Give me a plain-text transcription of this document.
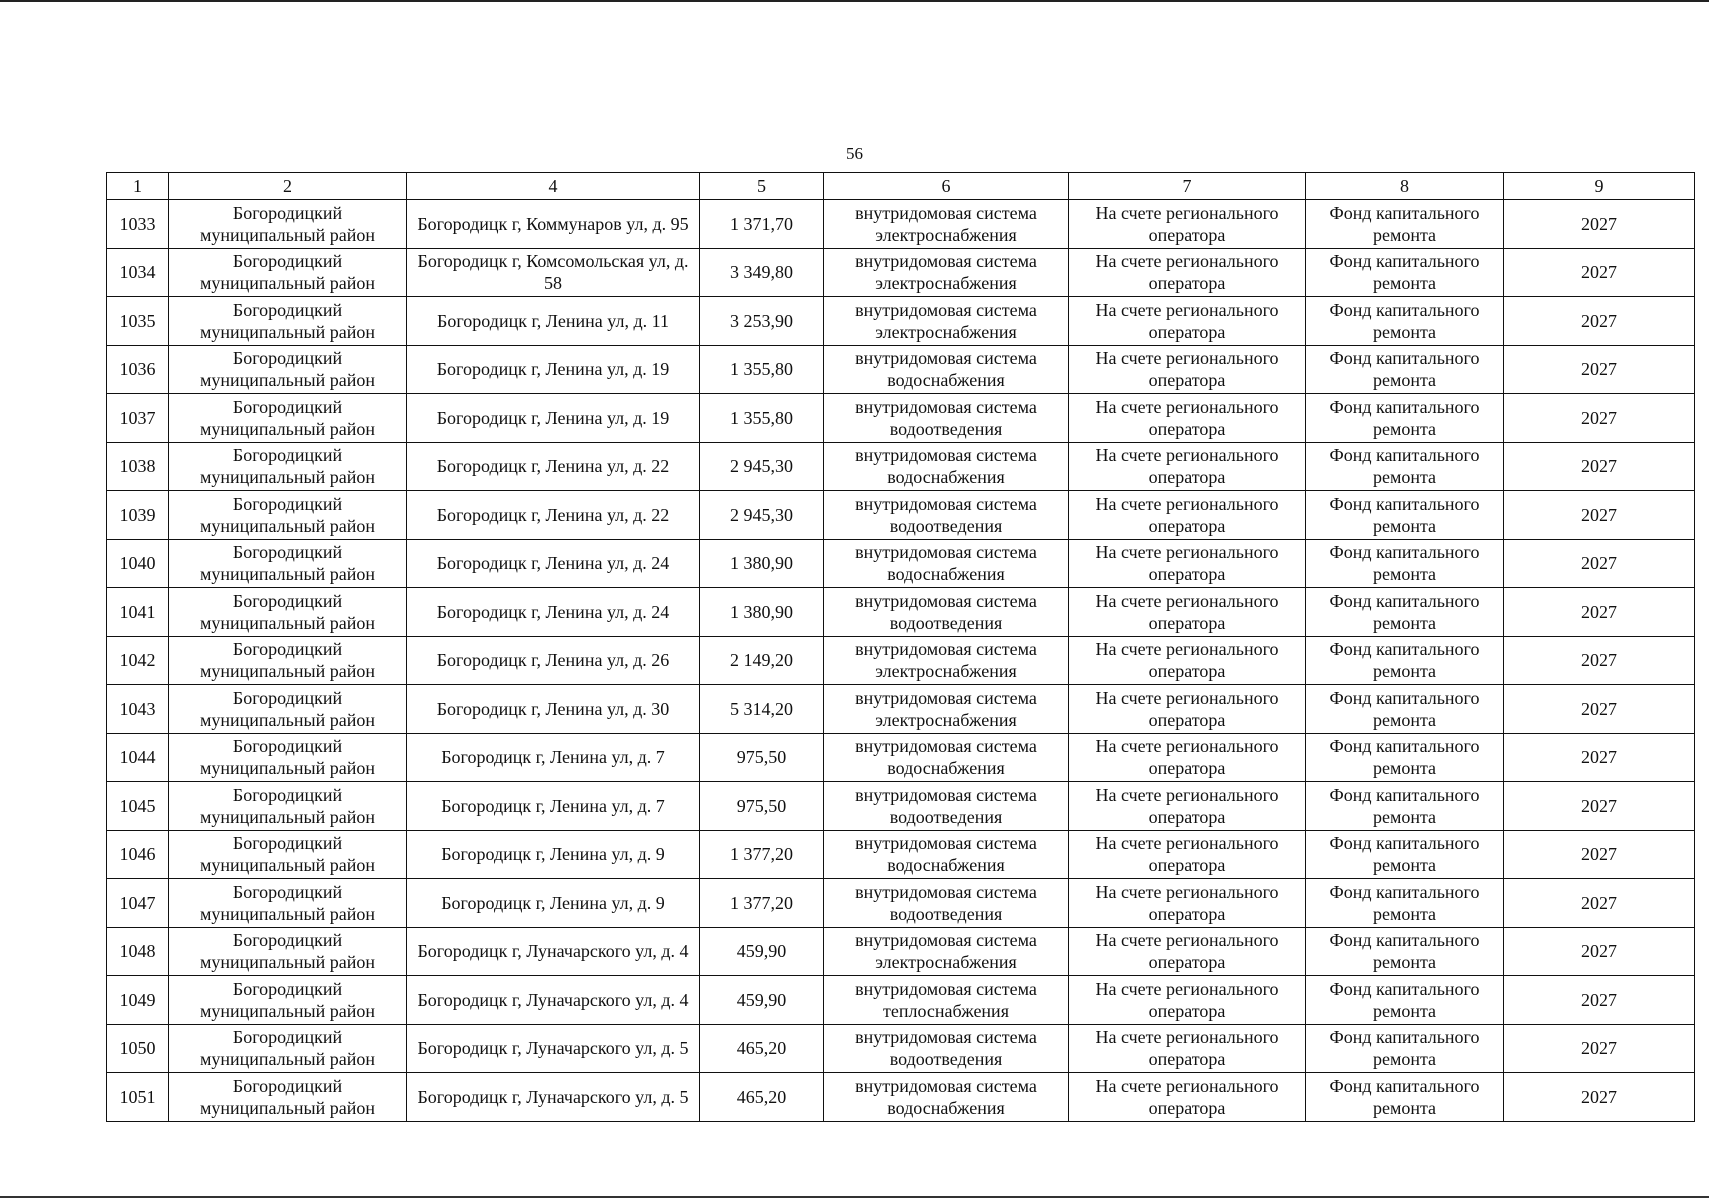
56
1	2	4	5	6	7	8	9
1033	Богородицкий муниципальный район	Богородицк г, Коммунаров ул, д. 95	1 371,70	внутридомовая система электроснабжения	На счете регионального оператора	Фонд капитального ремонта	2027
1034	Богородицкий муниципальный район	Богородицк г, Комсомольская ул, д. 58	3 349,80	внутридомовая система электроснабжения	На счете регионального оператора	Фонд капитального ремонта	2027
1035	Богородицкий муниципальный район	Богородицк г, Ленина ул, д. 11	3 253,90	внутридомовая система электроснабжения	На счете регионального оператора	Фонд капитального ремонта	2027
1036	Богородицкий муниципальный район	Богородицк г, Ленина ул, д. 19	1 355,80	внутридомовая система водоснабжения	На счете регионального оператора	Фонд капитального ремонта	2027
1037	Богородицкий муниципальный район	Богородицк г, Ленина ул, д. 19	1 355,80	внутридомовая система водоотведения	На счете регионального оператора	Фонд капитального ремонта	2027
1038	Богородицкий муниципальный район	Богородицк г, Ленина ул, д. 22	2 945,30	внутридомовая система водоснабжения	На счете регионального оператора	Фонд капитального ремонта	2027
1039	Богородицкий муниципальный район	Богородицк г, Ленина ул, д. 22	2 945,30	внутридомовая система водоотведения	На счете регионального оператора	Фонд капитального ремонта	2027
1040	Богородицкий муниципальный район	Богородицк г, Ленина ул, д. 24	1 380,90	внутридомовая система водоснабжения	На счете регионального оператора	Фонд капитального ремонта	2027
1041	Богородицкий муниципальный район	Богородицк г, Ленина ул, д. 24	1 380,90	внутридомовая система водоотведения	На счете регионального оператора	Фонд капитального ремонта	2027
1042	Богородицкий муниципальный район	Богородицк г, Ленина ул, д. 26	2 149,20	внутридомовая система электроснабжения	На счете регионального оператора	Фонд капитального ремонта	2027
1043	Богородицкий муниципальный район	Богородицк г, Ленина ул, д. 30	5 314,20	внутридомовая система электроснабжения	На счете регионального оператора	Фонд капитального ремонта	2027
1044	Богородицкий муниципальный район	Богородицк г, Ленина ул, д. 7	975,50	внутридомовая система водоснабжения	На счете регионального оператора	Фонд капитального ремонта	2027
1045	Богородицкий муниципальный район	Богородицк г, Ленина ул, д. 7	975,50	внутридомовая система водоотведения	На счете регионального оператора	Фонд капитального ремонта	2027
1046	Богородицкий муниципальный район	Богородицк г, Ленина ул, д. 9	1 377,20	внутридомовая система водоснабжения	На счете регионального оператора	Фонд капитального ремонта	2027
1047	Богородицкий муниципальный район	Богородицк г, Ленина ул, д. 9	1 377,20	внутридомовая система водоотведения	На счете регионального оператора	Фонд капитального ремонта	2027
1048	Богородицкий муниципальный район	Богородицк г, Луначарского ул, д. 4	459,90	внутридомовая система электроснабжения	На счете регионального оператора	Фонд капитального ремонта	2027
1049	Богородицкий муниципальный район	Богородицк г, Луначарского ул, д. 4	459,90	внутридомовая система теплоснабжения	На счете регионального оператора	Фонд капитального ремонта	2027
1050	Богородицкий муниципальный район	Богородицк г, Луначарского ул, д. 5	465,20	внутридомовая система водоотведения	На счете регионального оператора	Фонд капитального ремонта	2027
1051	Богородицкий муниципальный район	Богородицк г, Луначарского ул, д. 5	465,20	внутридомовая система водоснабжения	На счете регионального оператора	Фонд капитального ремонта	2027
